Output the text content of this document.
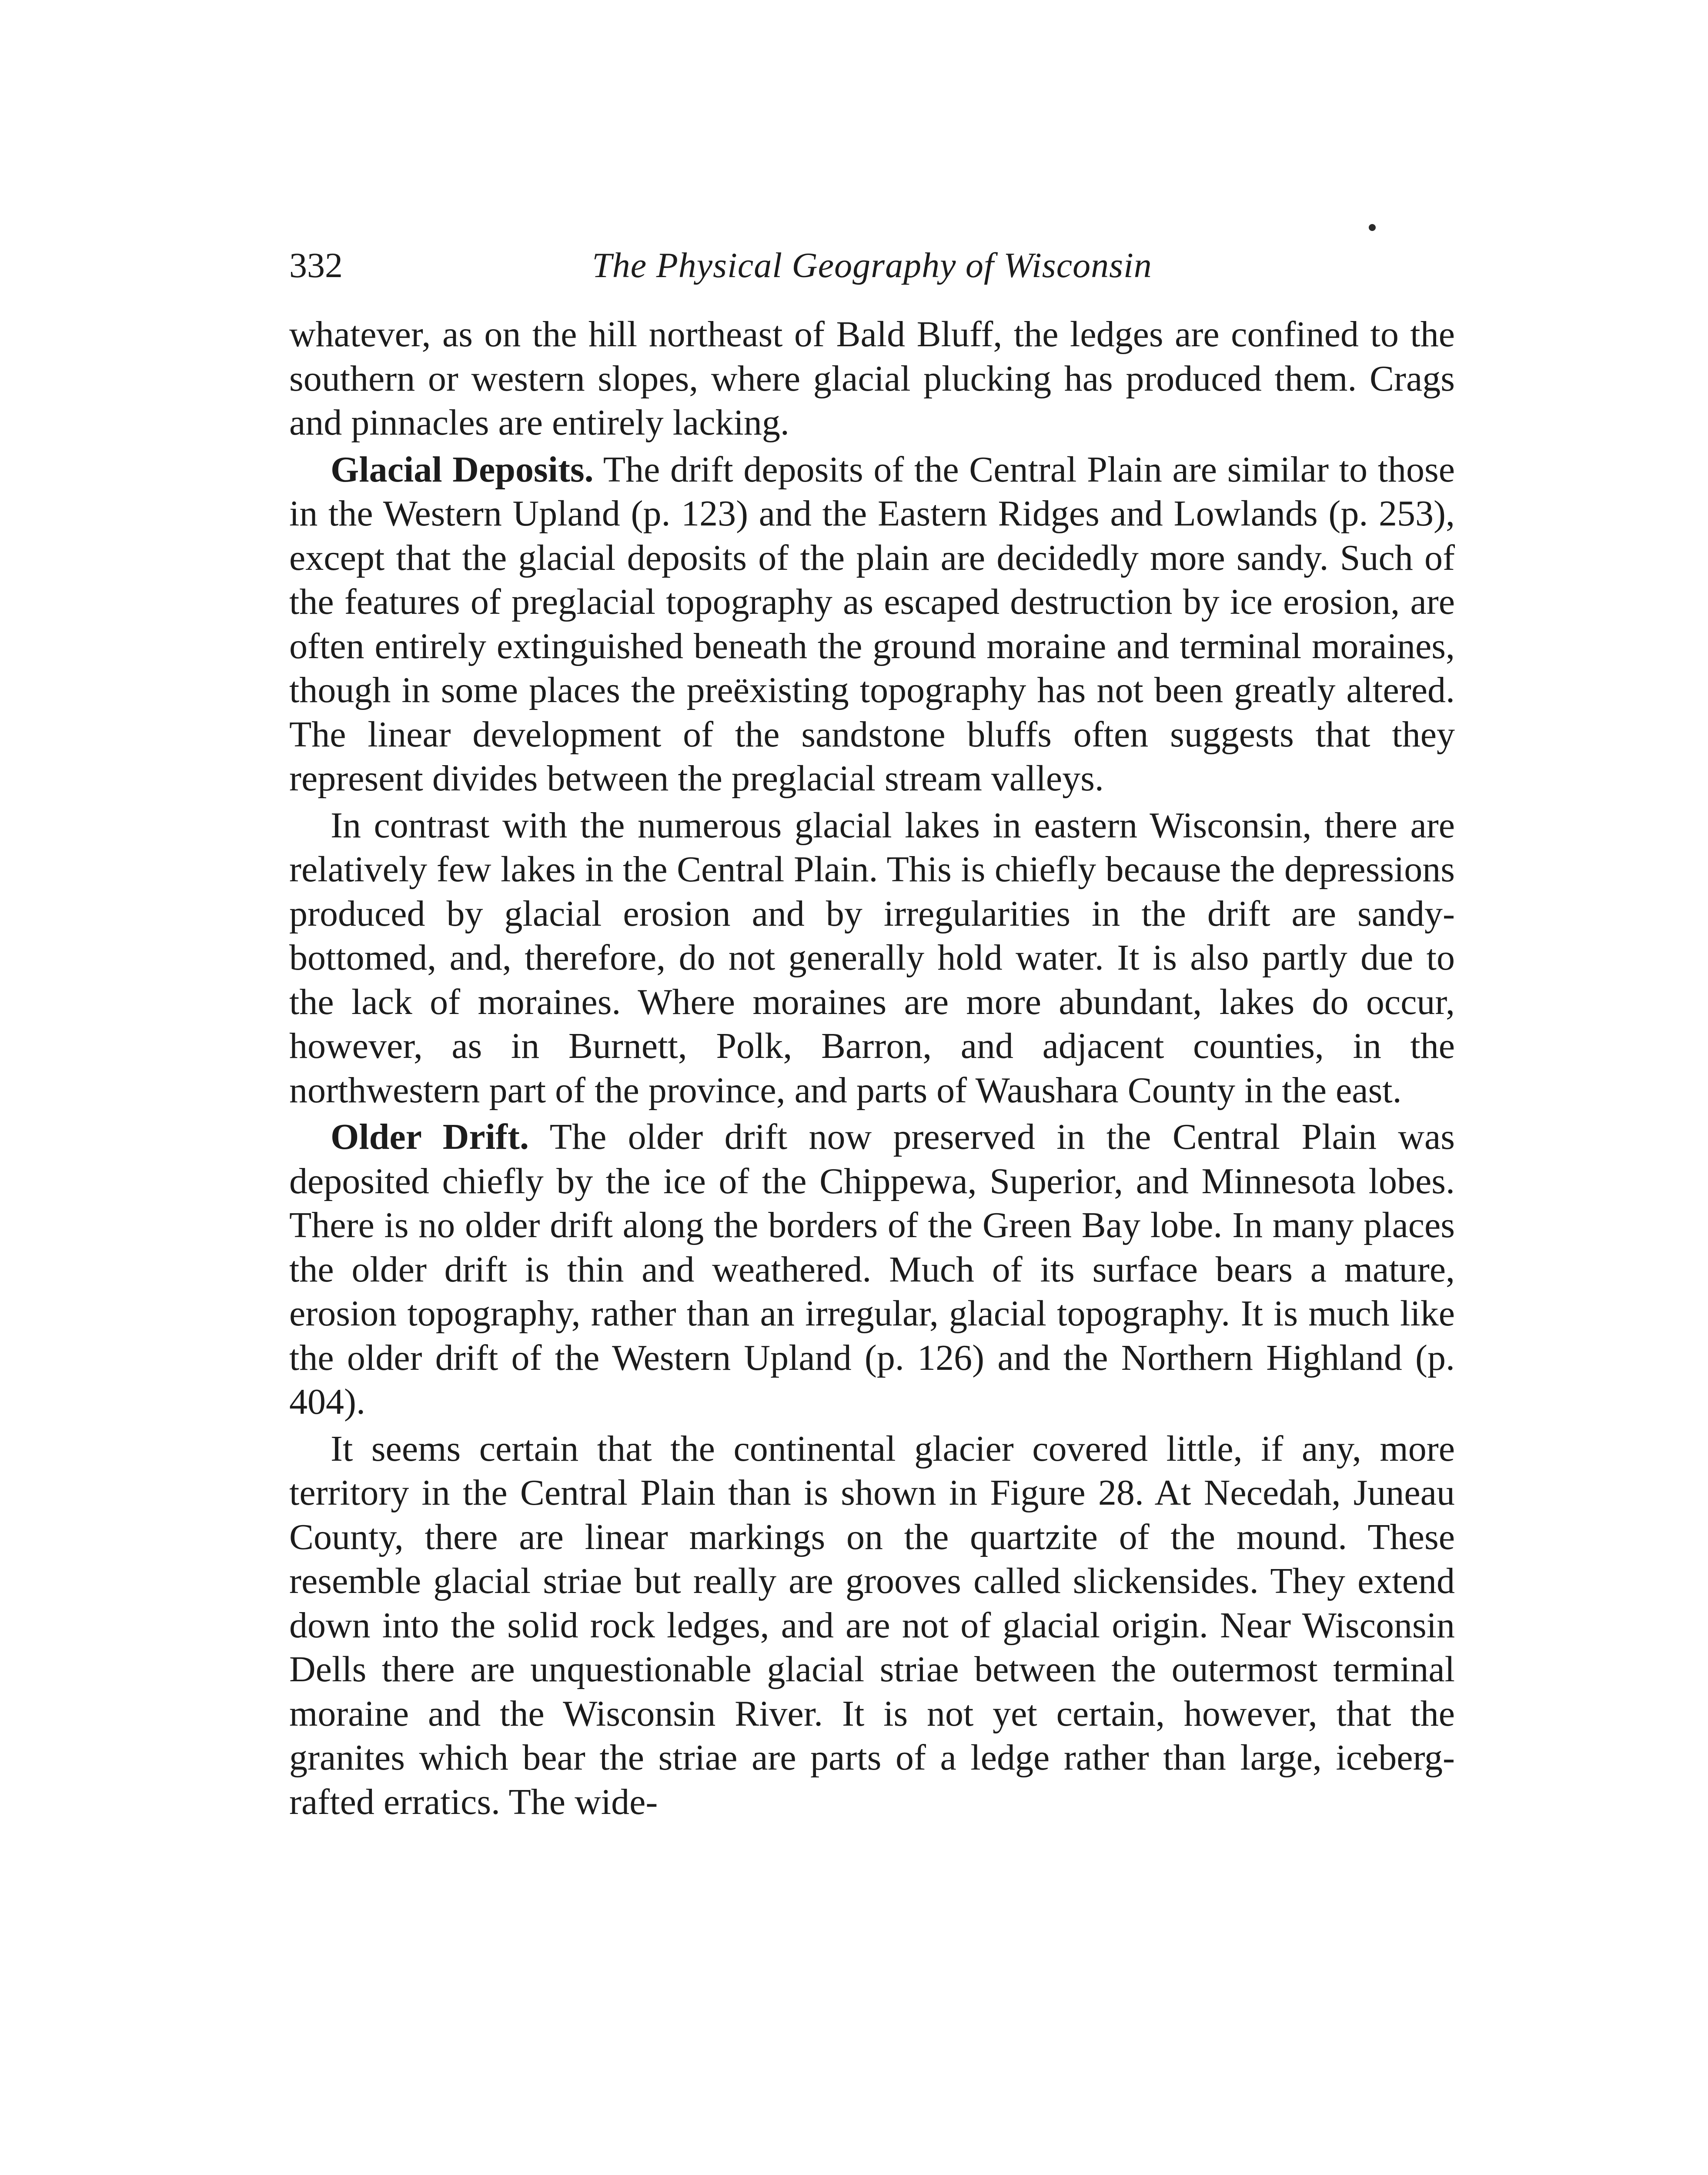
332	The Physical Geography of Wisconsin

whatever, as on the hill northeast of Bald Bluff, the ledges are confined to the southern or western slopes, where glacial plucking has produced them. Crags and pinnacles are entirely lacking.

Glacial Deposits. The drift deposits of the Central Plain are similar to those in the Western Upland (p. 123) and the Eastern Ridges and Lowlands (p. 253), except that the glacial deposits of the plain are decidedly more sandy. Such of the features of preglacial topography as escaped destruction by ice erosion, are often entirely extinguished beneath the ground moraine and terminal moraines, though in some places the preëxisting topography has not been greatly altered. The linear development of the sandstone bluffs often suggests that they represent divides between the preglacial stream valleys.

In contrast with the numerous glacial lakes in eastern Wisconsin, there are relatively few lakes in the Central Plain. This is chiefly because the depressions produced by glacial erosion and by irregularities in the drift are sandy-bottomed, and, therefore, do not generally hold water. It is also partly due to the lack of moraines. Where moraines are more abundant, lakes do occur, however, as in Burnett, Polk, Barron, and adjacent counties, in the northwestern part of the province, and parts of Waushara County in the east.

Older Drift. The older drift now preserved in the Central Plain was deposited chiefly by the ice of the Chippewa, Superior, and Minnesota lobes. There is no older drift along the borders of the Green Bay lobe. In many places the older drift is thin and weathered. Much of its surface bears a mature, erosion topography, rather than an irregular, glacial topography. It is much like the older drift of the Western Upland (p. 126) and the Northern Highland (p. 404).

It seems certain that the continental glacier covered little, if any, more territory in the Central Plain than is shown in Figure 28. At Necedah, Juneau County, there are linear markings on the quartzite of the mound. These resemble glacial striae but really are grooves called slickensides. They extend down into the solid rock ledges, and are not of glacial origin. Near Wisconsin Dells there are unquestionable glacial striae between the outermost terminal moraine and the Wisconsin River. It is not yet certain, however, that the granites which bear the striae are parts of a ledge rather than large, iceberg-rafted erratics. The wide-
